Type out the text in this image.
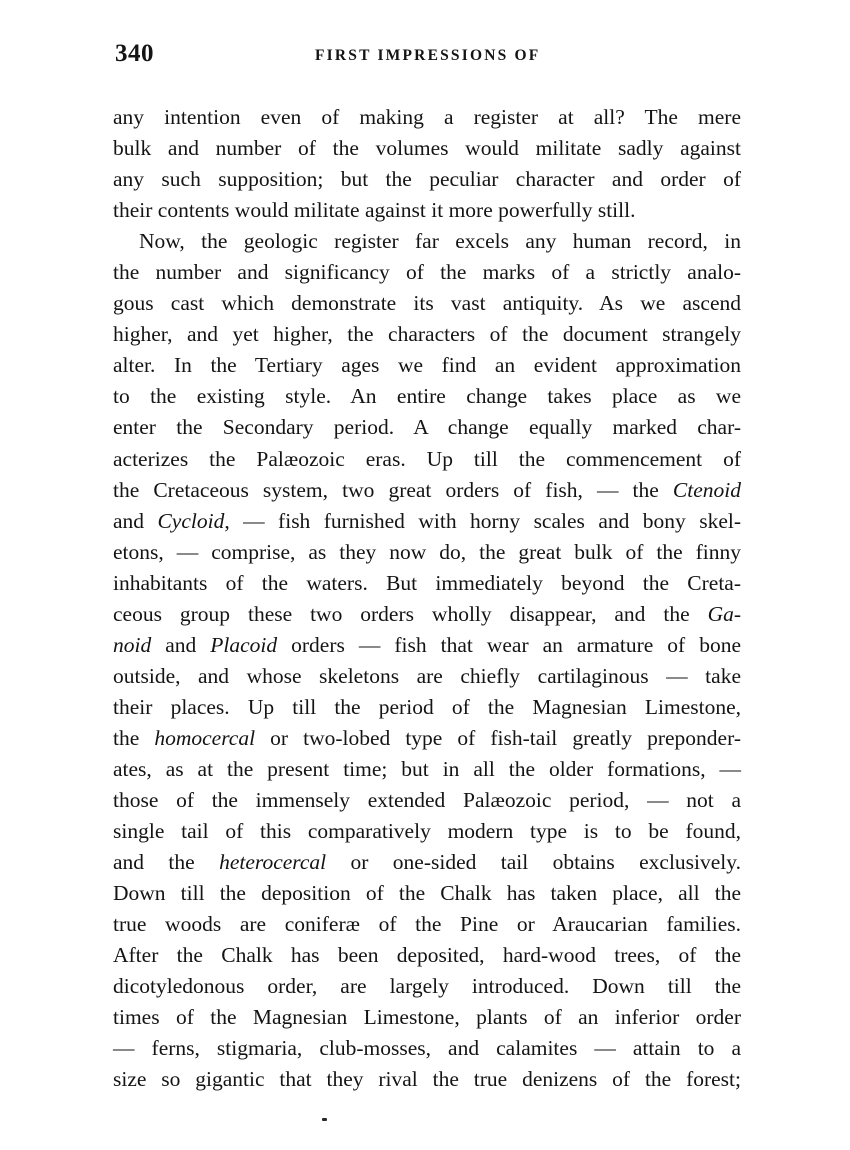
340	FIRST IMPRESSIONS OF
any intention even of making a register at all? The mere
bulk and number of the volumes would militate sadly against
any such supposition; but the peculiar character and order of
their contents would militate against it more powerfully still.
Now, the geologic register far excels any human record, in
the number and significancy of the marks of a strictly analo-
gous cast which demonstrate its vast antiquity. As we ascend
higher, and yet higher, the characters of the document strangely
alter. In the Tertiary ages we find an evident approximation
to the existing style. An entire change takes place as we
enter the Secondary period. A change equally marked char-
acterizes the Palæozoic eras. Up till the commencement of
the Cretaceous system, two great orders of fish, — the Ctenoid
and Cycloid, — fish furnished with horny scales and bony skel-
etons, — comprise, as they now do, the great bulk of the finny
inhabitants of the waters. But immediately beyond the Creta-
ceous group these two orders wholly disappear, and the Ga-
noid and Placoid orders — fish that wear an armature of bone
outside, and whose skeletons are chiefly cartilaginous — take
their places. Up till the period of the Magnesian Limestone,
the homocercal or two-lobed type of fish-tail greatly preponder-
ates, as at the present time; but in all the older formations, —
those of the immensely extended Palæozoic period, — not a
single tail of this comparatively modern type is to be found,
and the heterocercal or one-sided tail obtains exclusively.
Down till the deposition of the Chalk has taken place, all the
true woods are coniferæ of the Pine or Araucarian families.
After the Chalk has been deposited, hard-wood trees, of the
dicotyledonous order, are largely introduced. Down till the
times of the Magnesian Limestone, plants of an inferior order
— ferns, stigmaria, club-mosses, and calamites — attain to a
size so gigantic that they rival the true denizens of the forest;
